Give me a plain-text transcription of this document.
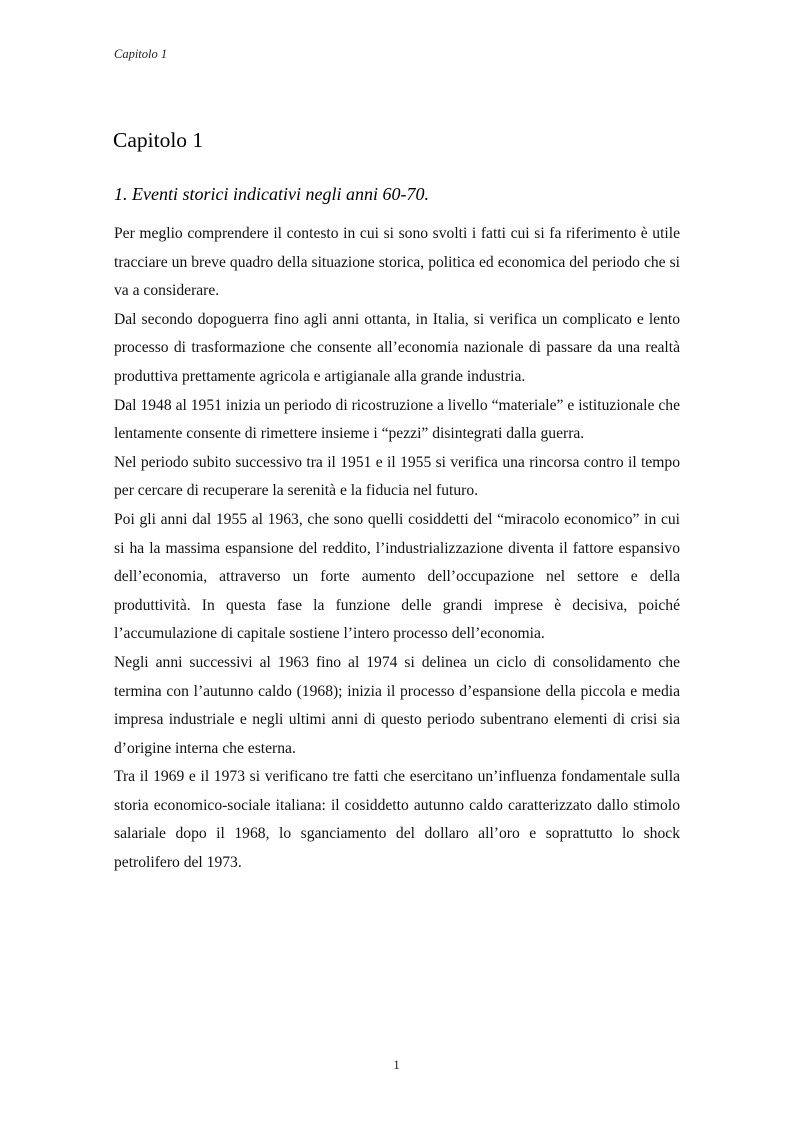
Capitolo 1
Capitolo 1
1. Eventi storici indicativi negli anni 60-70.

Per meglio comprendere il contesto in cui si sono svolti i fatti cui si fa riferimento è utile tracciare un breve quadro della situazione storica, politica ed economica del periodo che si va a considerare.

Dal secondo dopoguerra fino agli anni ottanta, in Italia, si verifica un complicato e lento processo di trasformazione che consente all’economia nazionale di passare da una realtà produttiva prettamente agricola e artigianale alla grande industria.

Dal 1948 al 1951 inizia un periodo di ricostruzione a livello “materiale” e istituzionale che lentamente consente di rimettere insieme i “pezzi” disintegrati dalla guerra.

Nel periodo subito successivo tra il 1951 e il 1955 si verifica una rincorsa contro il tempo per cercare di recuperare la serenità e la fiducia nel futuro.

Poi gli anni dal 1955 al 1963, che sono quelli cosiddetti del “miracolo economico” in cui si ha la massima espansione del reddito, l’industrializzazione diventa il fattore espansivo dell’economia, attraverso un forte aumento dell’occupazione nel settore e della produttività. In questa fase la funzione delle grandi imprese è decisiva, poiché l’accumulazione di capitale sostiene l’intero processo dell’economia.

Negli anni successivi al 1963 fino al 1974 si delinea un ciclo di consolidamento che termina con l’autunno caldo (1968); inizia il processo d’espansione della piccola e media impresa industriale e negli ultimi anni di questo periodo subentrano elementi di crisi sia d’origine interna che esterna.

Tra il 1969 e il 1973 si verificano tre fatti che esercitano un’influenza fondamentale sulla storia economico-sociale italiana: il cosiddetto autunno caldo caratterizzato dallo stimolo salariale dopo il 1968, lo sganciamento del dollaro all’oro e soprattutto lo shock petrolifero del 1973.

1
